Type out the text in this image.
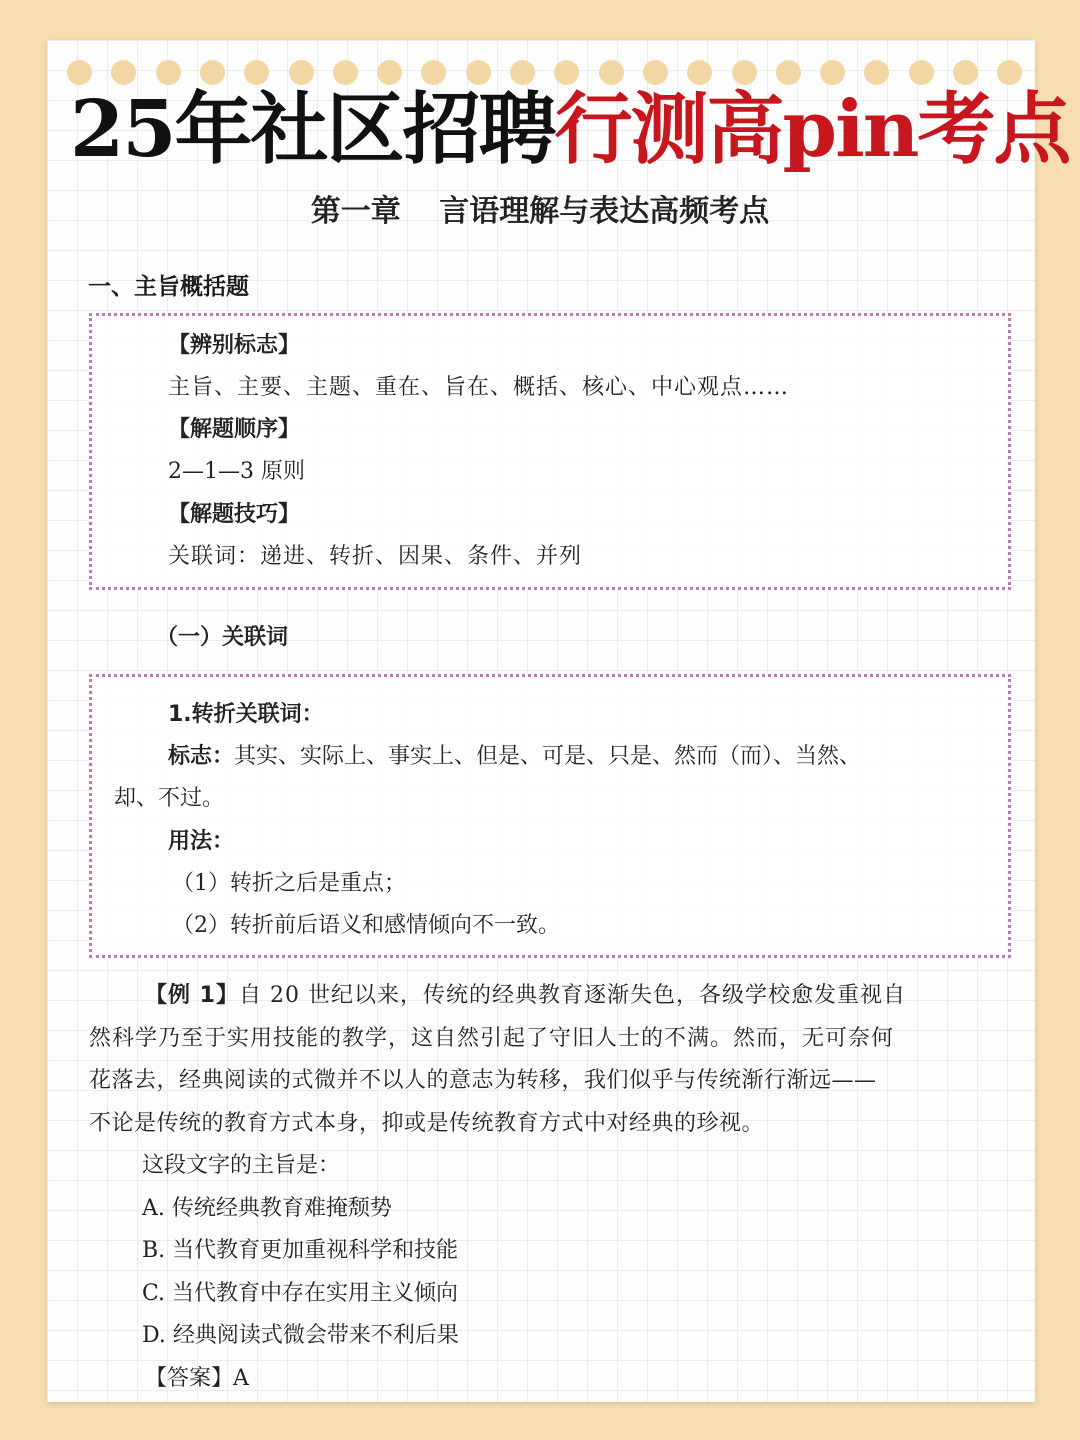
25年社区招聘行测高pin考点
第一章 言语理解与表达高频考点
一、主旨概括题
【辨别标志】
主旨、主要、主题、重在、旨在、概括、核心、中心观点……
【解题顺序】
2—1—3 原则
【解题技巧】
关联词：递进、转折、因果、条件、并列
（一）关联词
1.转折关联词：
标志：其实、实际上、事实上、但是、可是、只是、然而（而）、当然、
却、不过。
用法：
（1）转折之后是重点；
（2）转折前后语义和感情倾向不一致。
【例 1】自 20 世纪以来，传统的经典教育逐渐失色，各级学校愈发重视自
然科学乃至于实用技能的教学，这自然引起了守旧人士的不满。然而，无可奈何
花落去，经典阅读的式微并不以人的意志为转移，我们似乎与传统渐行渐远——
不论是传统的教育方式本身，抑或是传统教育方式中对经典的珍视。
这段文字的主旨是：
A. 传统经典教育难掩颓势
B. 当代教育更加重视科学和技能
C. 当代教育中存在实用主义倾向
D. 经典阅读式微会带来不利后果
【答案】A
